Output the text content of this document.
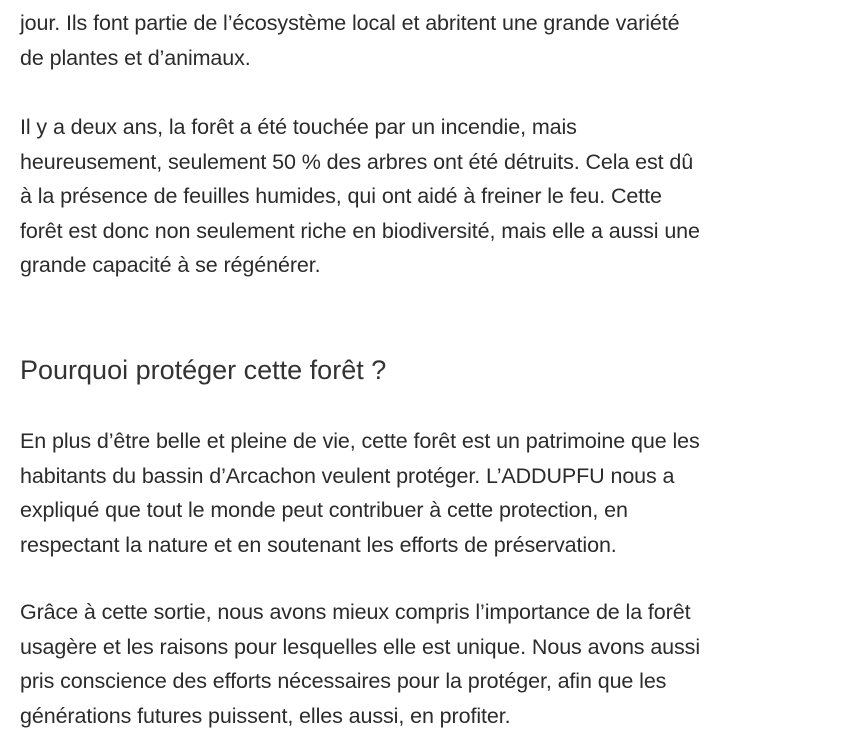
jour. Ils font partie de l’écosystème local et abritent une grande variété
de plantes et d’animaux.

Il y a deux ans, la forêt a été touchée par un incendie, mais
heureusement, seulement 50 % des arbres ont été détruits. Cela est dû
à la présence de feuilles humides, qui ont aidé à freiner le feu. Cette
forêt est donc non seulement riche en biodiversité, mais elle a aussi une
grande capacité à se régénérer.

Pourquoi protéger cette forêt ?

En plus d’être belle et pleine de vie, cette forêt est un patrimoine que les
habitants du bassin d’Arcachon veulent protéger. L’ADDUPFU nous a
expliqué que tout le monde peut contribuer à cette protection, en
respectant la nature et en soutenant les efforts de préservation.

Grâce à cette sortie, nous avons mieux compris l’importance de la forêt
usagère et les raisons pour lesquelles elle est unique. Nous avons aussi
pris conscience des efforts nécessaires pour la protéger, afin que les
générations futures puissent, elles aussi, en profiter.
